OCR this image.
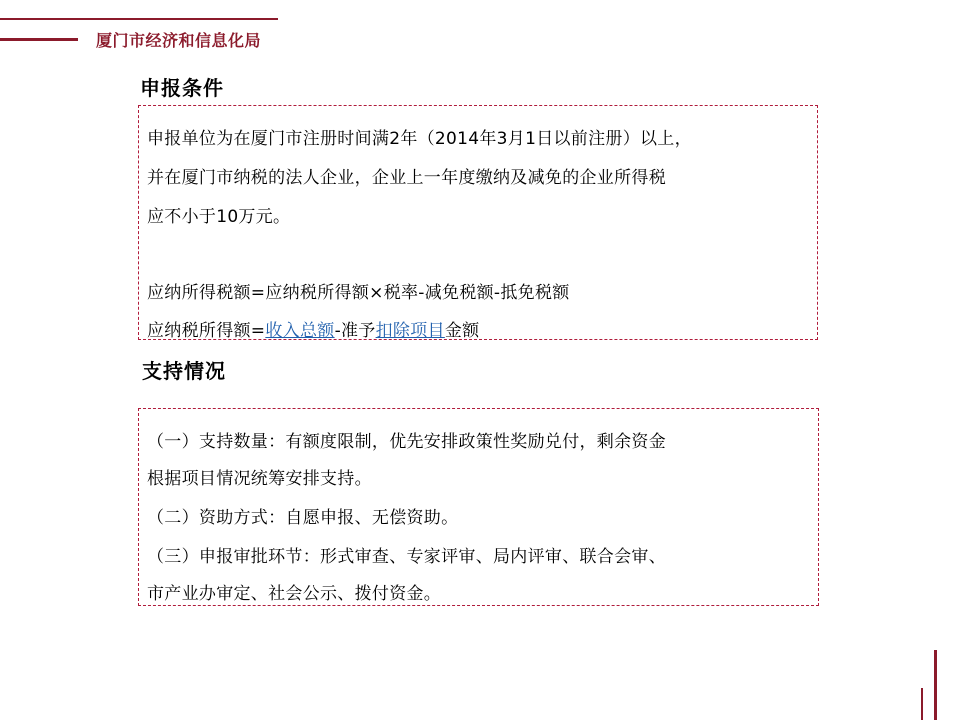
厦门市经济和信息化局
申报条件
申报单位为在厦门市注册时间满2年（2014年3月1日以前注册）以上，
并在厦门市纳税的法人企业，企业上一年度缴纳及减免的企业所得税
应不小于10万元。
应纳所得税额=应纳税所得额×税率-减免税额-抵免税额
应纳税所得额=收入总额-准予扣除项目金额
支持情况
（一）支持数量：有额度限制，优先安排政策性奖励兑付，剩余资金
根据项目情况统筹安排支持。
（二）资助方式：自愿申报、无偿资助。
（三）申报审批环节：形式审查、专家评审、局内评审、联合会审、
市产业办审定、社会公示、拨付资金。
